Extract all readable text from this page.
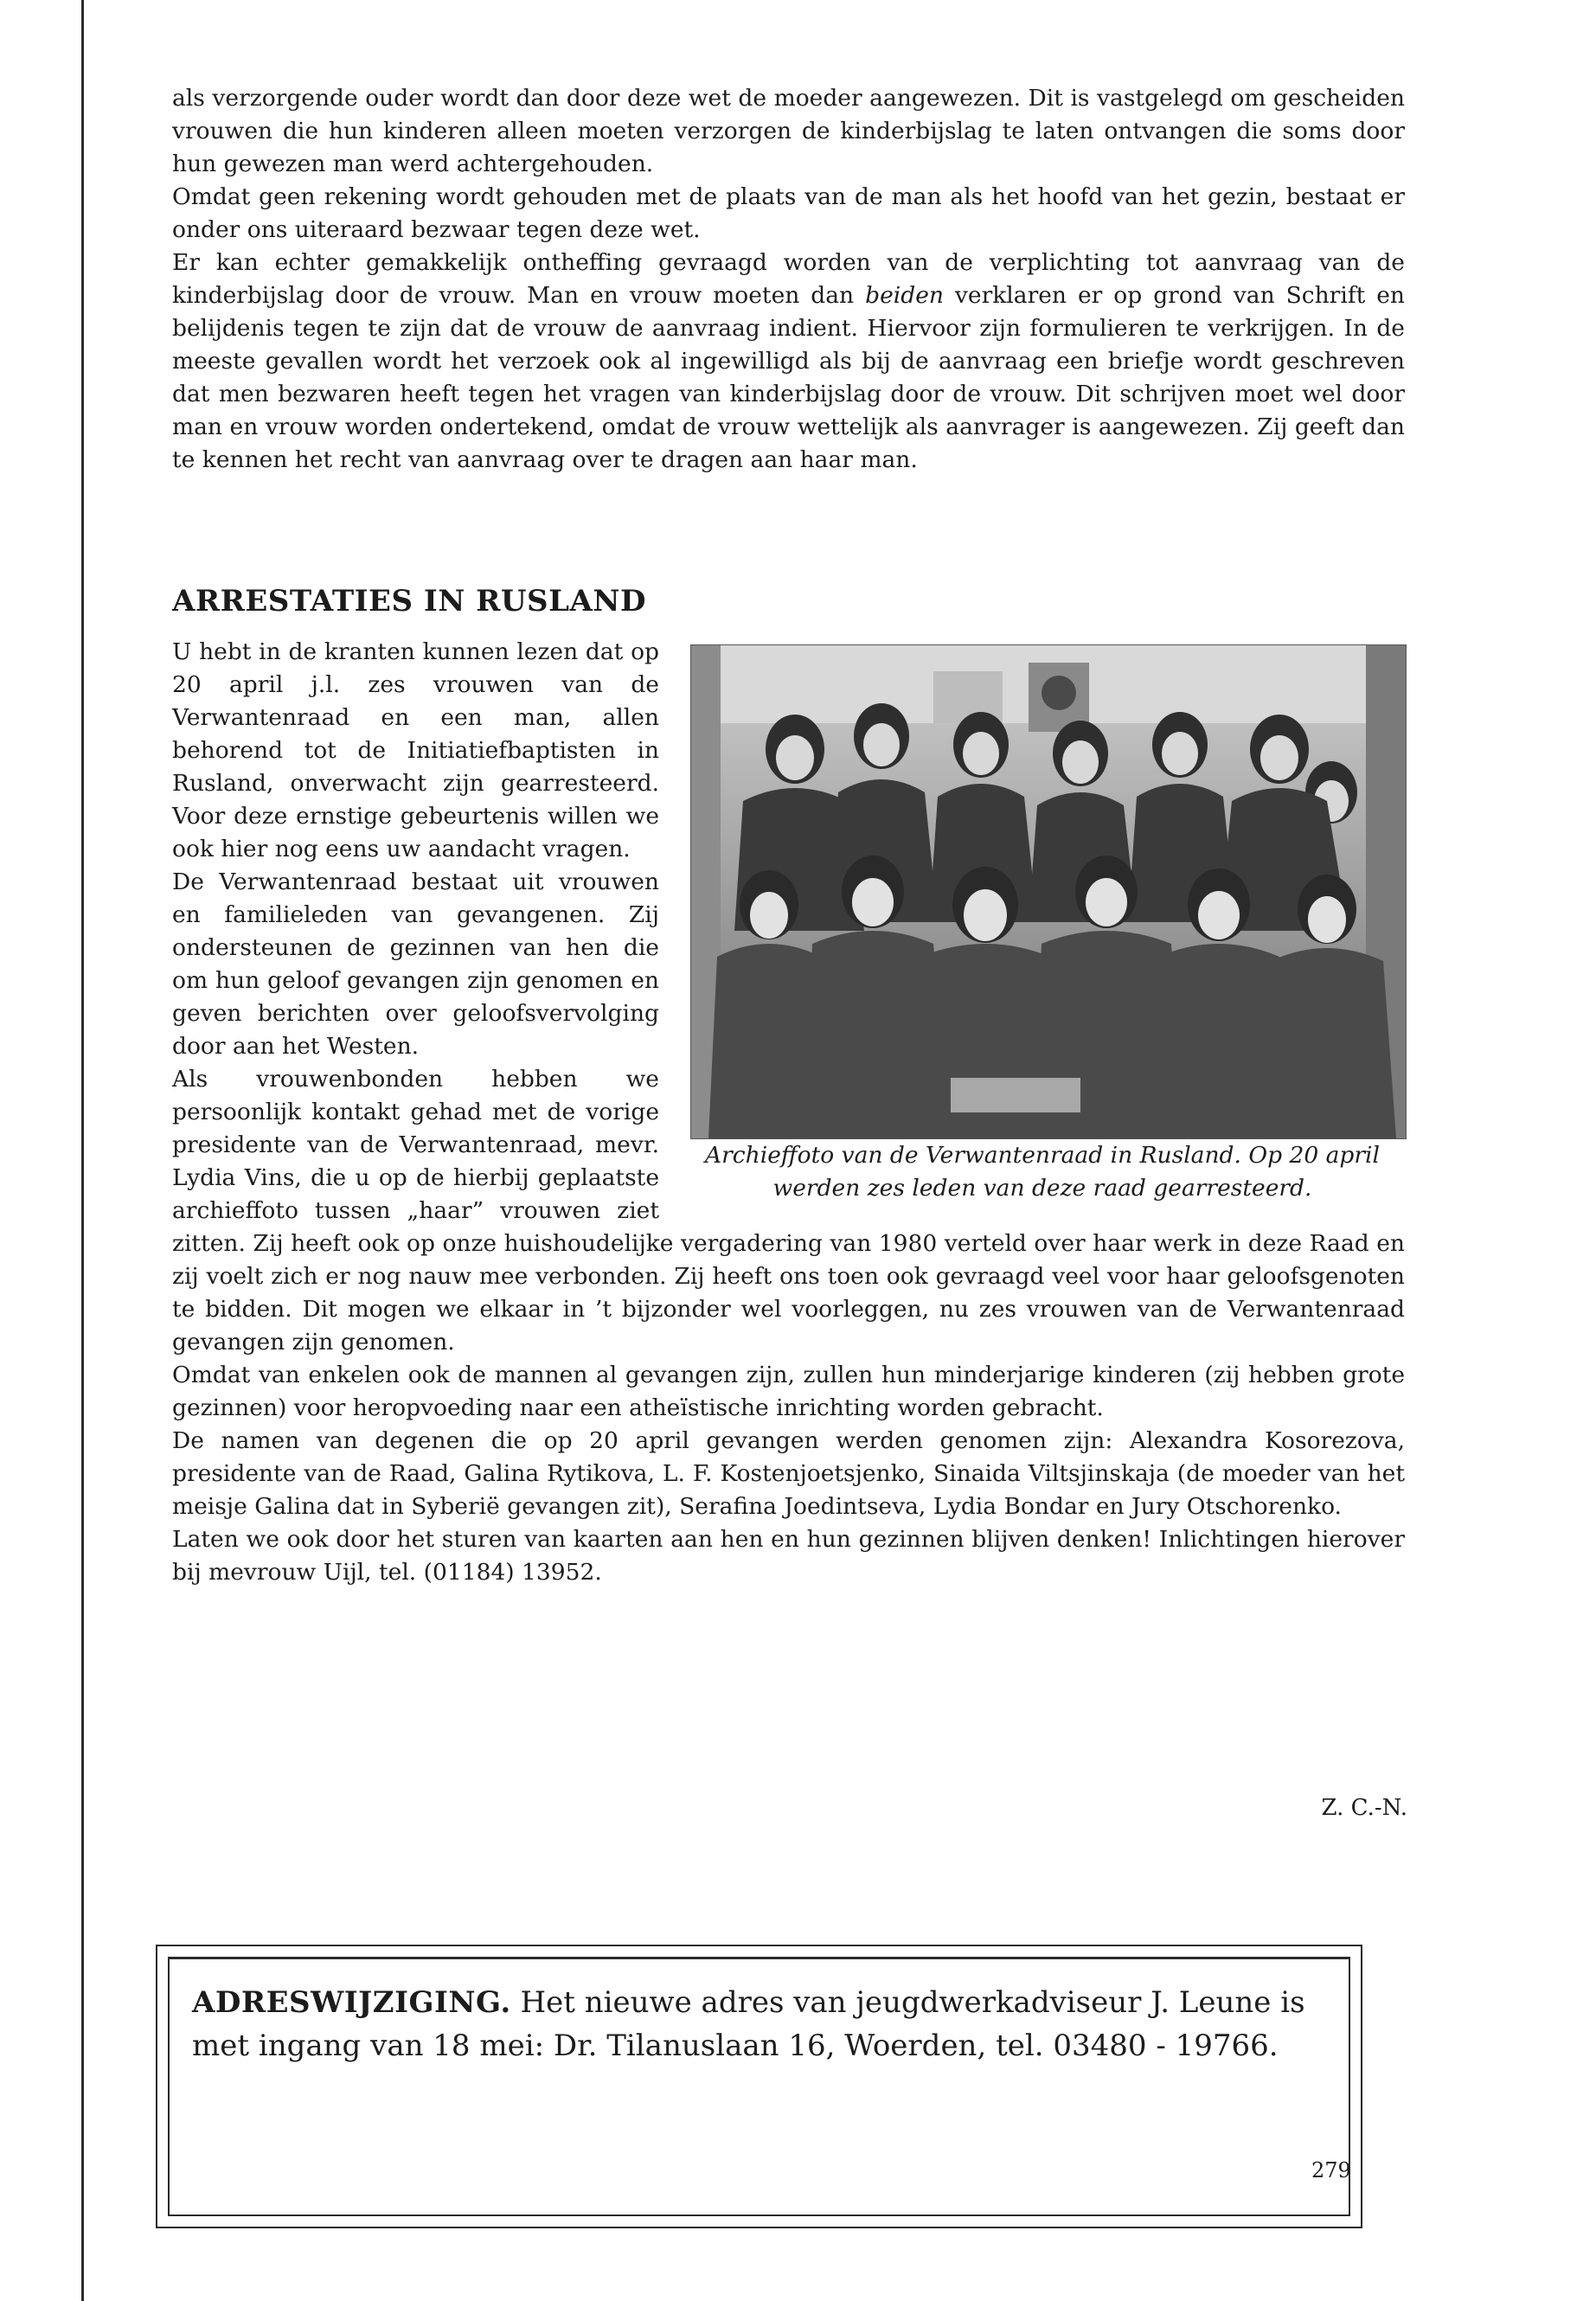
als verzorgende ouder wordt dan door deze wet de moeder aangewezen. Dit is vastgelegd om gescheiden vrouwen die hun kinderen alleen moeten verzorgen de kinderbijslag te laten ontvangen die soms door hun gewezen man werd achtergehouden.

Omdat geen rekening wordt gehouden met de plaats van de man als het hoofd van het gezin, bestaat er onder ons uiteraard bezwaar tegen deze wet.

Er kan echter gemakkelijk ontheffing gevraagd worden van de verplichting tot aanvraag van de kinderbijslag door de vrouw. Man en vrouw moeten dan beiden verklaren er op grond van Schrift en belijdenis tegen te zijn dat de vrouw de aanvraag indient. Hiervoor zijn formulieren te verkrijgen. In de meeste gevallen wordt het verzoek ook al ingewilligd als bij de aanvraag een briefje wordt geschreven dat men bezwaren heeft tegen het vragen van kinderbijslag door de vrouw. Dit schrijven moet wel door man en vrouw worden ondertekend, omdat de vrouw wettelijk als aanvrager is aangewezen. Zij geeft dan te kennen het recht van aanvraag over te dragen aan haar man.

ARRESTATIES IN RUSLAND

Archieffoto van de Verwantenraad in Rusland. Op 20 april werden zes leden van deze raad gearresteerd.

U hebt in de kranten kunnen lezen dat op 20 april j.l. zes vrouwen van de Verwantenraad en een man, allen behorend tot de Initiatiefbaptisten in Rusland, onverwacht zijn gearresteerd. Voor deze ernstige gebeurtenis willen we ook hier nog eens uw aandacht vragen.

De Verwantenraad bestaat uit vrouwen en familieleden van gevangenen. Zij ondersteunen de gezinnen van hen die om hun geloof gevangen zijn genomen en geven berichten over geloofsvervolging door aan het Westen.

Als vrouwenbonden hebben we persoonlijk kontakt gehad met de vorige presidente van de Verwantenraad, mevr. Lydia Vins, die u op de hierbij geplaatste archieffoto tussen „haar” vrouwen ziet zitten. Zij heeft ook op onze huishoudelijke vergadering van 1980 verteld over haar werk in deze Raad en zij voelt zich er nog nauw mee verbonden. Zij heeft ons toen ook gevraagd veel voor haar geloofsgenoten te bidden. Dit mogen we elkaar in ’t bijzonder wel voorleggen, nu zes vrouwen van de Verwantenraad gevangen zijn genomen.

Omdat van enkelen ook de mannen al gevangen zijn, zullen hun minderjarige kinderen (zij hebben grote gezinnen) voor heropvoeding naar een atheïstische inrichting worden gebracht.

De namen van degenen die op 20 april gevangen werden genomen zijn: Alexandra Kosorezova, presidente van de Raad, Galina Rytikova, L. F. Kostenjoetsjenko, Sinaida Viltsjinskaja (de moeder van het meisje Galina dat in Syberië gevangen zit), Serafina Joedintseva, Lydia Bondar en Jury Otschorenko.

Laten we ook door het sturen van kaarten aan hen en hun gezinnen blijven denken! Inlichtingen hierover bij mevrouw Uijl, tel. (01184) 13952.

Z. C.-N.

ADRESWIJZIGING. Het nieuwe adres van jeugdwerkadviseur J. Leune is met ingang van 18 mei: Dr. Tilanuslaan 16, Woerden, tel. 03480 - 19766.

279
